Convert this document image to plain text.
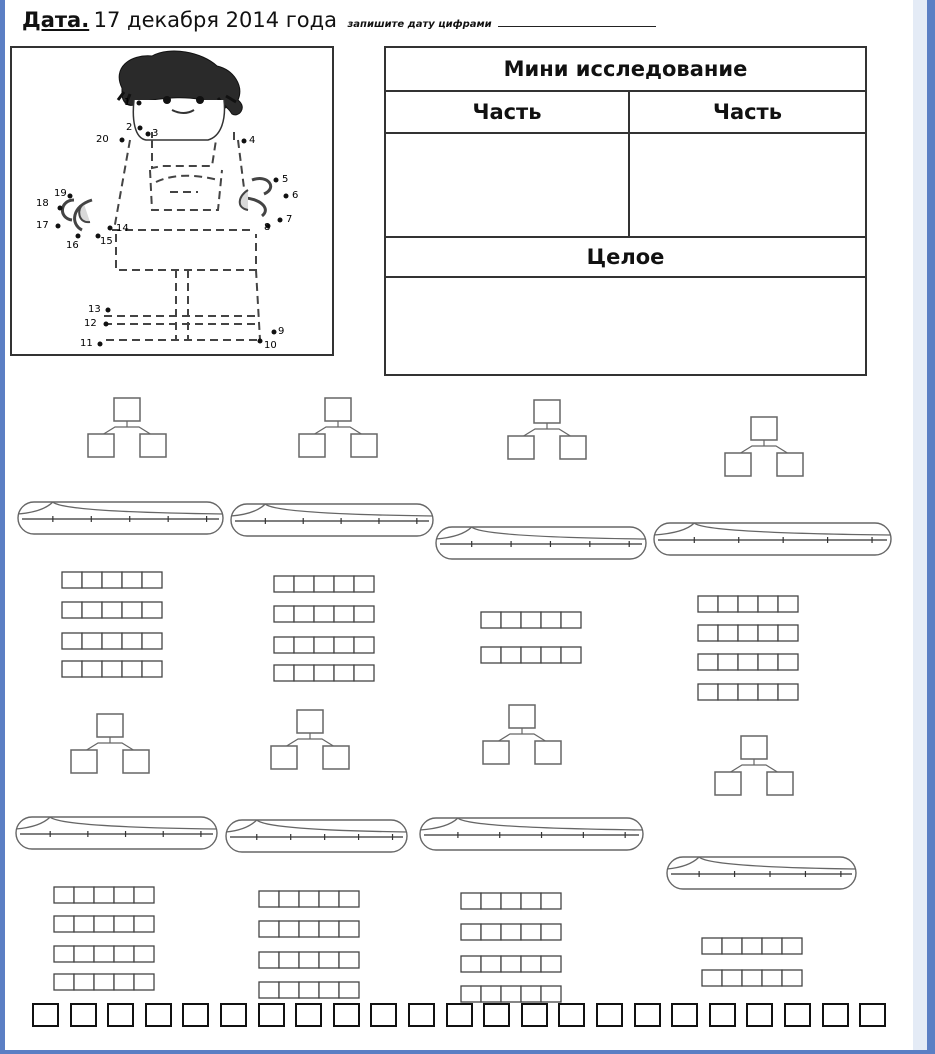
Дата. 17 декабря 2014 года запишите дату цифрами
1
2
3
4
5
6
7
8
9
10
11
12
13
14
15
16
17
18
19
20
Мини исследование
Часть	Часть
Целое
